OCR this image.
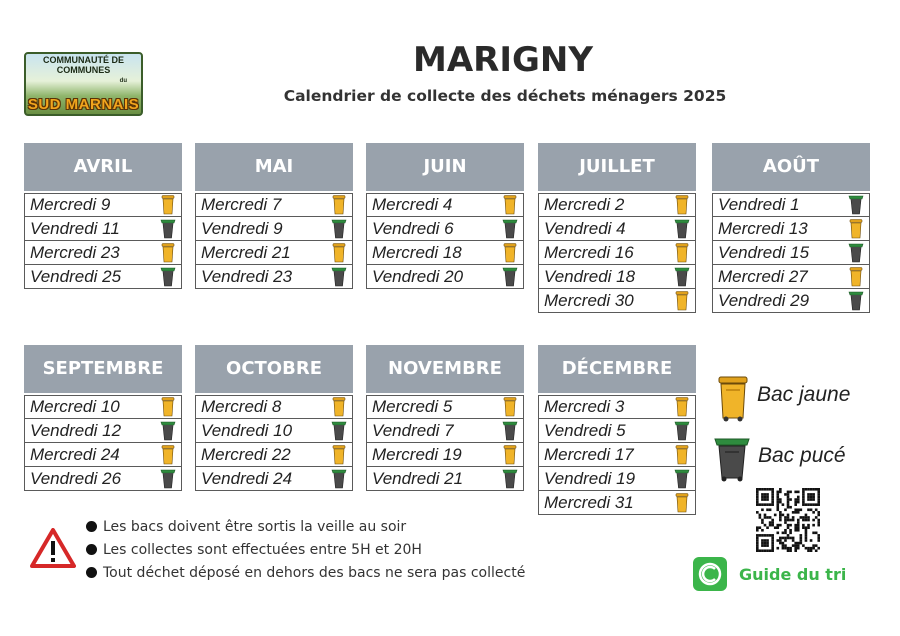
COMMUNAUTÉ DE
COMMUNES
du
SUD MARNAIS
MARIGNY
Calendrier de collecte des déchets ménagers 2025
AVRIL
Mercredi 9
Vendredi 11
Mercredi 23
Vendredi 25
MAI
Mercredi 7
Vendredi 9
Mercredi 21
Vendredi 23
JUIN
Mercredi 4
Vendredi 6
Mercredi 18
Vendredi 20
JUILLET
Mercredi 2
Vendredi 4
Mercredi 16
Vendredi 18
Mercredi 30
AOÛT
Vendredi 1
Mercredi 13
Vendredi 15
Mercredi 27
Vendredi 29
SEPTEMBRE
Mercredi 10
Vendredi 12
Mercredi 24
Vendredi 26
OCTOBRE
Mercredi 8
Vendredi 10
Mercredi 22
Vendredi 24
NOVEMBRE
Mercredi 5
Vendredi 7
Mercredi 19
Vendredi 21
DÉCEMBRE
Mercredi 3
Vendredi 5
Mercredi 17
Vendredi 19
Mercredi 31
Bac jaune
Bac pucé
Les bacs doivent être sortis la veille au soir
Les collectes sont effectuées entre 5H et 20H
Tout déchet déposé en dehors des bacs ne sera pas collecté	Guide du tri
